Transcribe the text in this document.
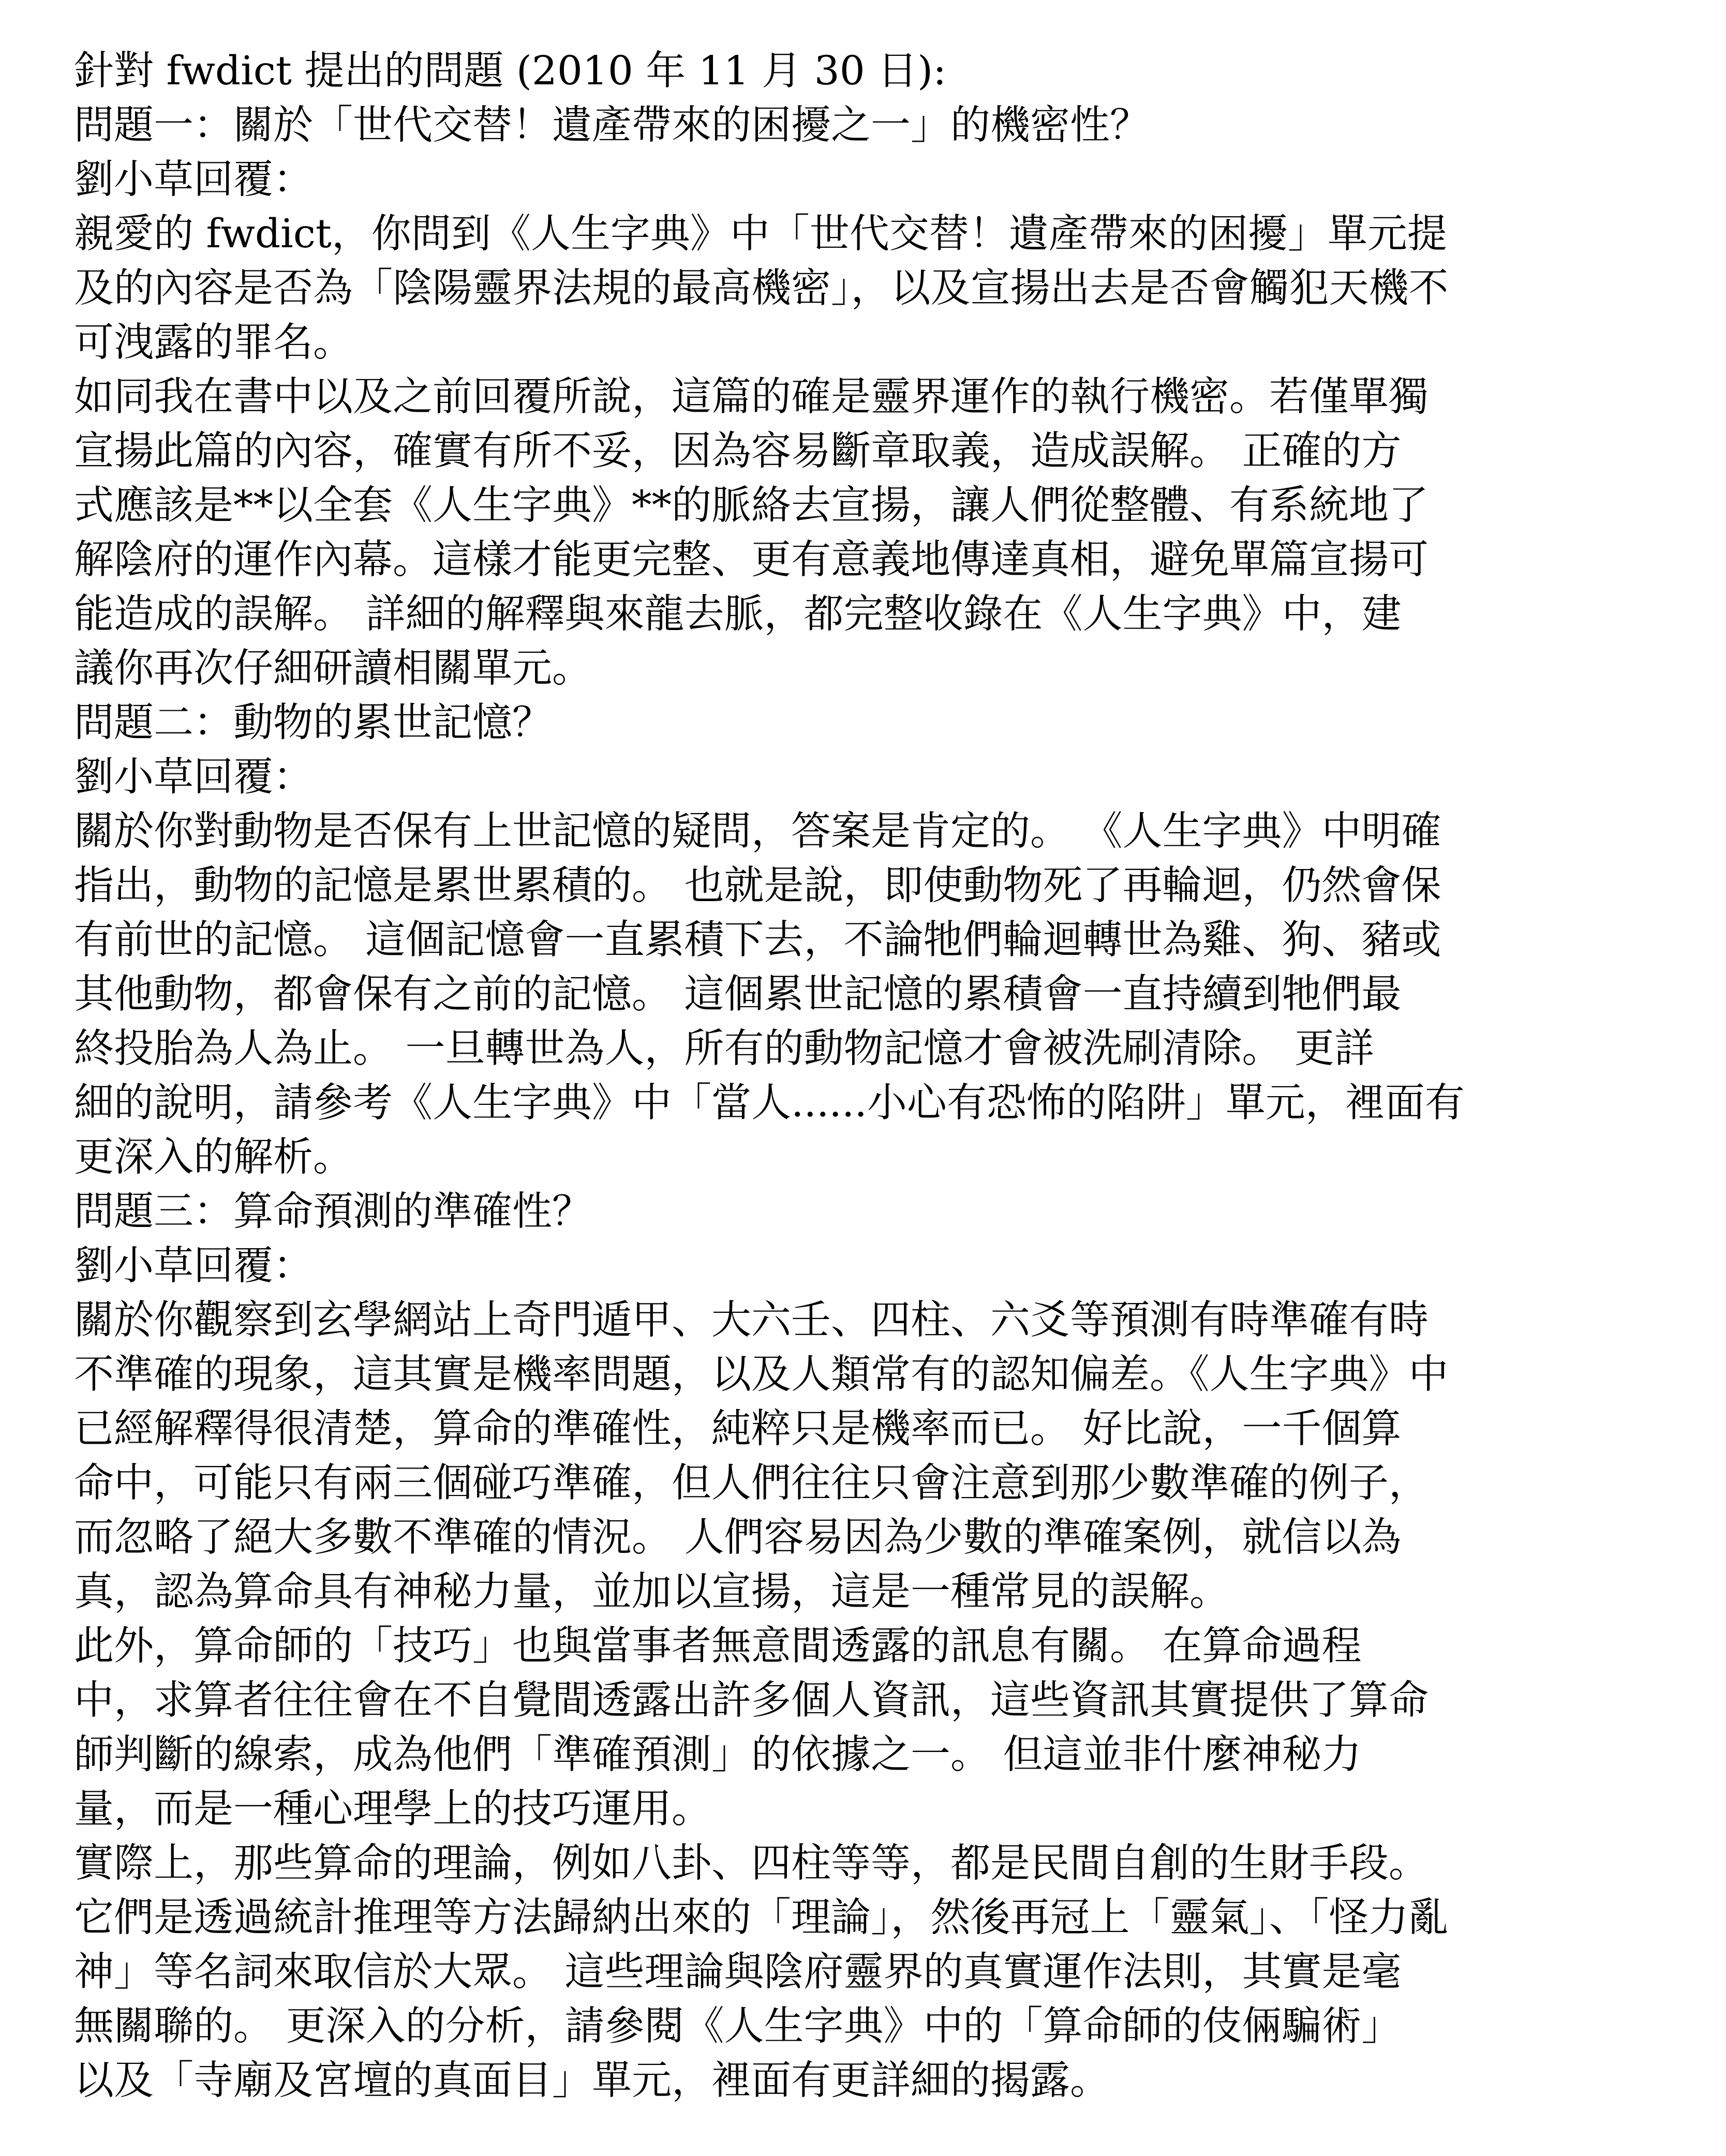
針對 fwdict 提出的問題 (2010 年 11 月 30 日):
問題一：關於「世代交替！遺產帶來的困擾之一」的機密性？
劉小草回覆：
親愛的 fwdict，你問到《人生字典》中「世代交替！遺產帶來的困擾」單元提
及的內容是否為「陰陽靈界法規的最高機密」，以及宣揚出去是否會觸犯天機不
可洩露的罪名。
如同我在書中以及之前回覆所說，這篇的確是靈界運作的執行機密。若僅單獨
宣揚此篇的內容，確實有所不妥，因為容易斷章取義，造成誤解。 正確的方
式應該是**以全套《人生字典》**的脈絡去宣揚，讓人們從整體、有系統地了
解陰府的運作內幕。這樣才能更完整、更有意義地傳達真相，避免單篇宣揚可
能造成的誤解。 詳細的解釋與來龍去脈，都完整收錄在《人生字典》中，建
議你再次仔細研讀相關單元。
問題二：動物的累世記憶？
劉小草回覆：
關於你對動物是否保有上世記憶的疑問，答案是肯定的。 《人生字典》中明確
指出，動物的記憶是累世累積的。 也就是說，即使動物死了再輪迴，仍然會保
有前世的記憶。 這個記憶會一直累積下去，不論牠們輪迴轉世為雞、狗、豬或
其他動物，都會保有之前的記憶。 這個累世記憶的累積會一直持續到牠們最
終投胎為人為止。 一旦轉世為人，所有的動物記憶才會被洗刷清除。 更詳
細的說明，請參考《人生字典》中「當人......小心有恐怖的陷阱」單元，裡面有
更深入的解析。
問題三：算命預測的準確性？
劉小草回覆：
關於你觀察到玄學網站上奇門遁甲、大六壬、四柱、六爻等預測有時準確有時
不準確的現象，這其實是機率問題，以及人類常有的認知偏差。《人生字典》中
已經解釋得很清楚，算命的準確性，純粹只是機率而已。 好比說，一千個算
命中，可能只有兩三個碰巧準確，但人們往往只會注意到那少數準確的例子，
而忽略了絕大多數不準確的情況。 人們容易因為少數的準確案例，就信以為
真，認為算命具有神秘力量，並加以宣揚，這是一種常見的誤解。
此外，算命師的「技巧」也與當事者無意間透露的訊息有關。 在算命過程
中，求算者往往會在不自覺間透露出許多個人資訊，這些資訊其實提供了算命
師判斷的線索，成為他們「準確預測」的依據之一。 但這並非什麼神秘力
量，而是一種心理學上的技巧運用。
實際上，那些算命的理論，例如八卦、四柱等等，都是民間自創的生財手段。
它們是透過統計推理等方法歸納出來的「理論」，然後再冠上「靈氣」、「怪力亂
神」等名詞來取信於大眾。 這些理論與陰府靈界的真實運作法則，其實是毫
無關聯的。 更深入的分析，請參閱《人生字典》中的「算命師的伎倆騙術」
以及「寺廟及宮壇的真面目」單元，裡面有更詳細的揭露。
